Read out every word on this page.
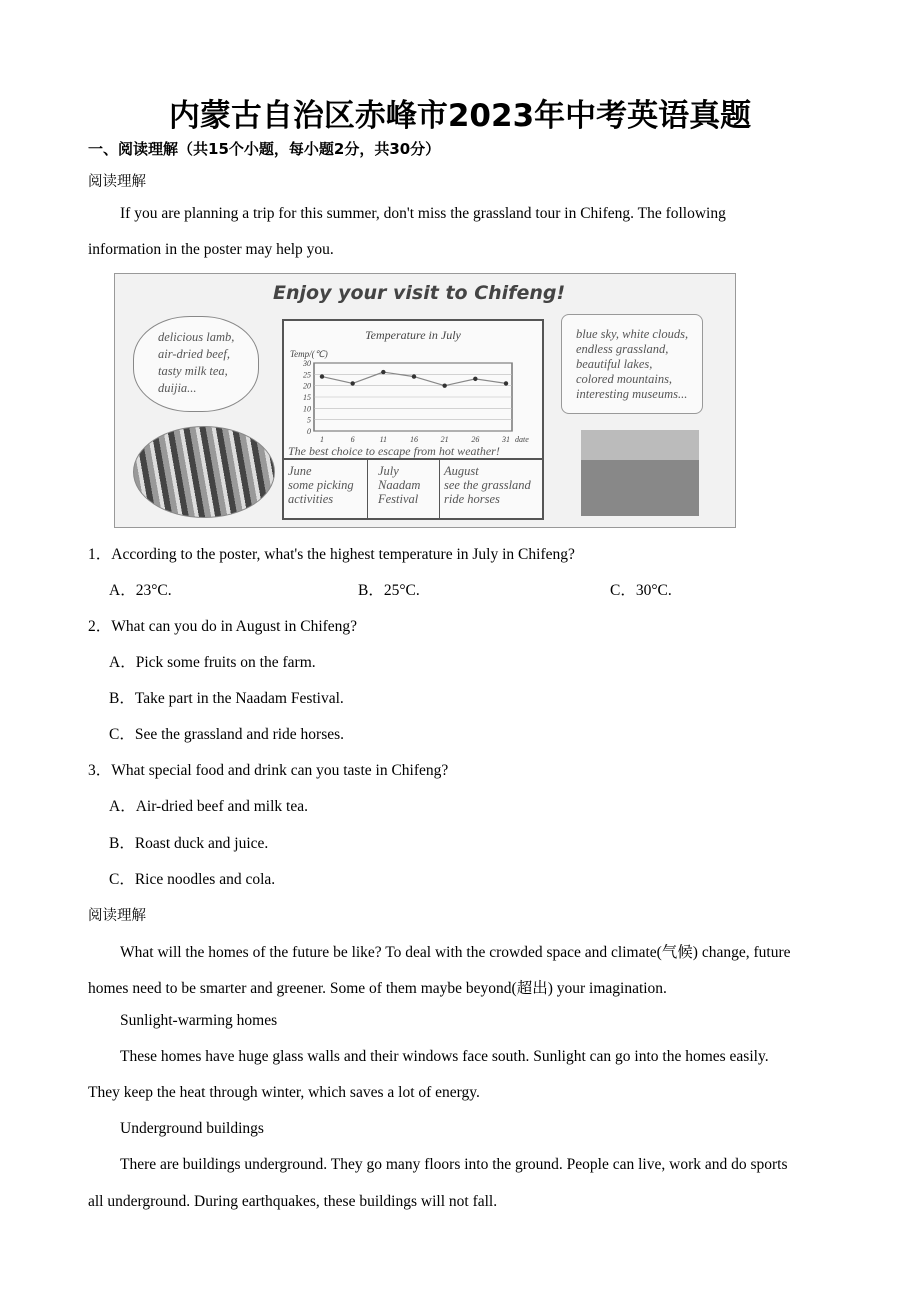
内蒙古自治区赤峰市2023年中考英语真题
一、阅读理解（共15个小题，每小题2分，共30分）
阅读理解
If you are planning a trip for this summer, don't miss the grassland tour in Chifeng. The following
information in the poster may help you.
Enjoy your visit to Chifeng!
delicious lamb,
air-dried beef,
tasty milk tea,
duijia...
Temperature in July
Temp/(℃)
0
5
10
15
20
25
30
1	6	11	16	21	26	31 date
The best choice to escape from hot weather!
June
some picking
activities
July
Naadam
Festival
August
see the grassland
ride horses
blue sky, white clouds,
endless grassland,
beautiful lakes,
colored mountains,
interesting museums...
1．According to the poster, what's the highest temperature in July in Chifeng?
A．23°C.	B．25°C.	C．30°C.
2．What can you do in August in Chifeng?
A．Pick some fruits on the farm.
B．Take part in the Naadam Festival.
C．See the grassland and ride horses.
3．What special food and drink can you taste in Chifeng?
A．Air-dried beef and milk tea.
B．Roast duck and juice.
C．Rice noodles and cola.
阅读理解
What will the homes of the future be like? To deal with the crowded space and climate(气候) change, future
homes need to be smarter and greener. Some of them maybe beyond(超出) your imagination.
Sunlight-warming homes
These homes have huge glass walls and their windows face south. Sunlight can go into the homes easily.
They keep the heat through winter, which saves a lot of energy.
Underground buildings
There are buildings underground. They go many floors into the ground. People can live, work and do sports
all underground. During earthquakes, these buildings will not fall.
